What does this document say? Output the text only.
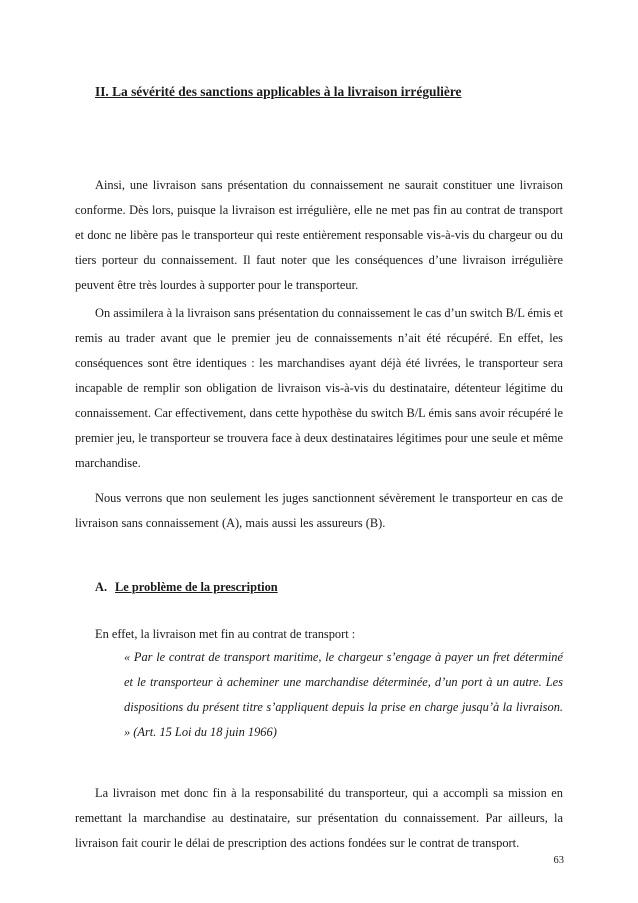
II. La sévérité des sanctions applicables à la livraison irrégulière

Ainsi, une livraison sans présentation du connaissement ne saurait constituer une livraison conforme. Dès lors, puisque la livraison est irrégulière, elle ne met pas fin au contrat de transport et donc ne libère pas le transporteur qui reste entièrement responsable vis-à-vis du chargeur ou du tiers porteur du connaissement. Il faut noter que les conséquences d’une livraison irrégulière peuvent être très lourdes à supporter pour le transporteur.

On assimilera à la livraison sans présentation du connaissement le cas d’un switch B/L émis et remis au trader avant que le premier jeu de connaissements n’ait été récupéré. En effet, les conséquences sont être identiques : les marchandises ayant déjà été livrées, le transporteur sera incapable de remplir son obligation de livraison vis-à-vis du destinataire, détenteur légitime du connaissement. Car effectivement, dans cette hypothèse du switch B/L émis sans avoir récupéré le premier jeu, le transporteur se trouvera face à deux destinataires légitimes pour une seule et même marchandise.

Nous verrons que non seulement les juges sanctionnent sévèrement le transporteur en cas de livraison sans connaissement (A), mais aussi les assureurs (B).

A. Le problème de la prescription

En effet, la livraison met fin au contrat de transport :

« Par le contrat de transport maritime, le chargeur s’engage à payer un fret déterminé et le transporteur à acheminer une marchandise déterminée, d’un port à un autre. Les dispositions du présent titre s’appliquent depuis la prise en charge jusqu’à la livraison. » (Art. 15 Loi du 18 juin 1966)

La livraison met donc fin à la responsabilité du transporteur, qui a accompli sa mission en remettant la marchandise au destinataire, sur présentation du connaissement. Par ailleurs, la livraison fait courir le délai de prescription des actions fondées sur le contrat de transport.

63
